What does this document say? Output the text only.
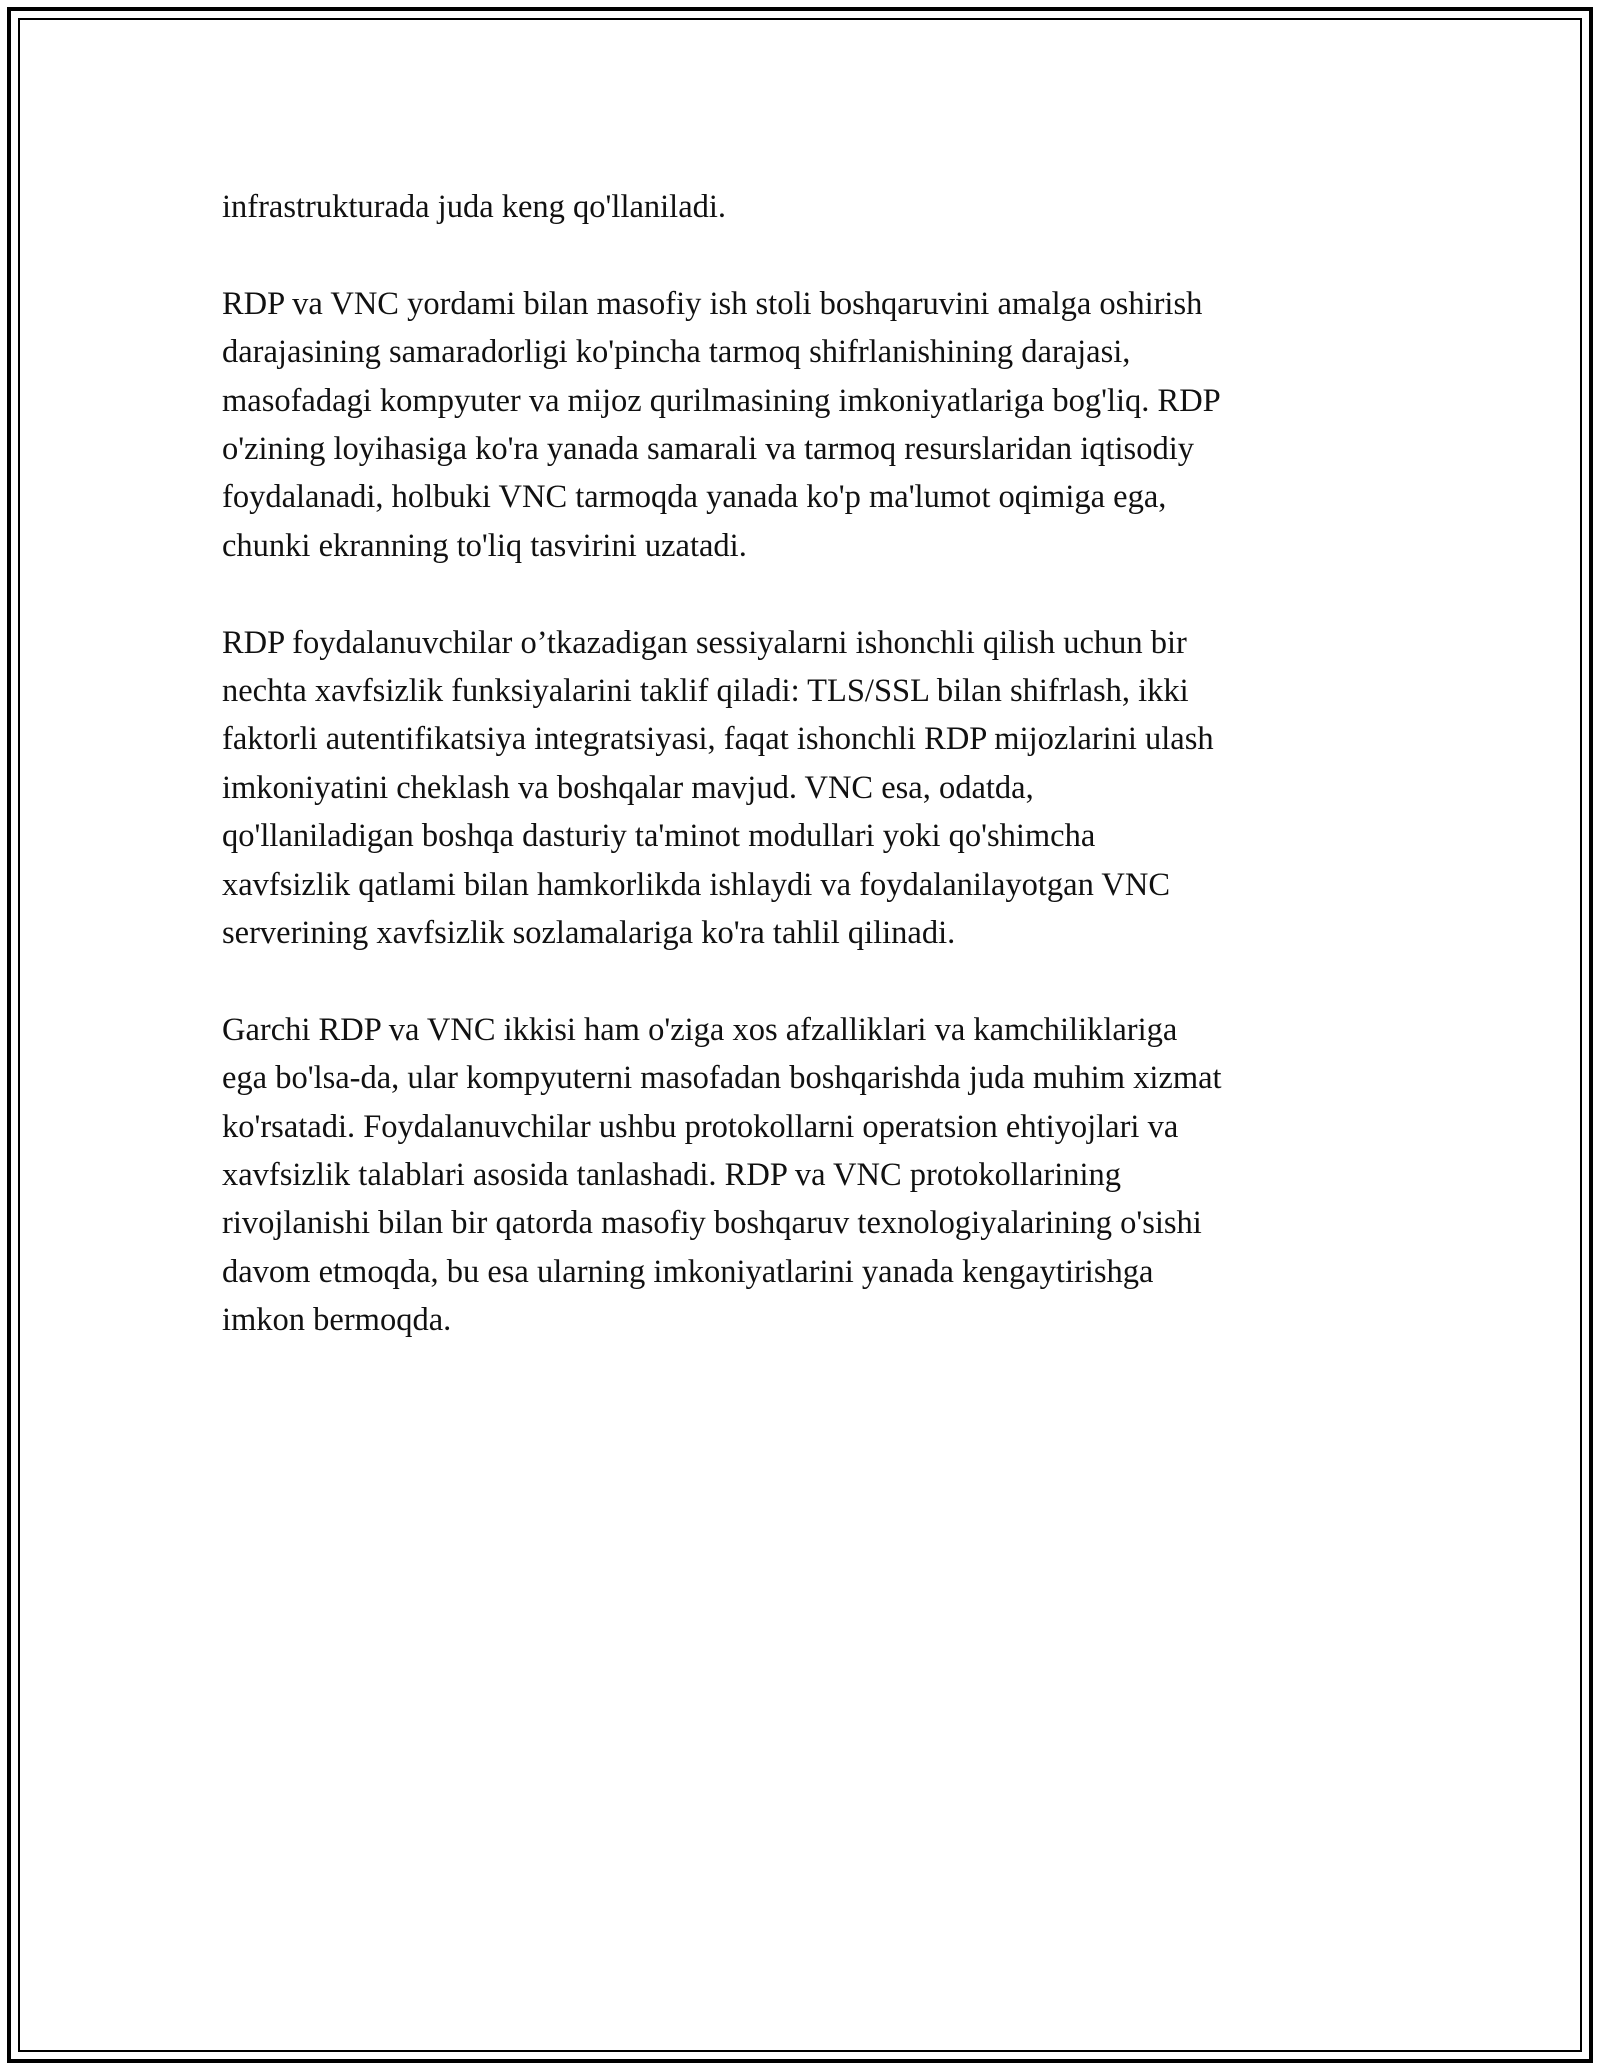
infrastrukturada juda keng qo'llaniladi.

RDP va VNC yordami bilan masofiy ish stoli boshqaruvini amalga oshirish
darajasining samaradorligi ko'pincha tarmoq shifrlanishining darajasi,
masofadagi kompyuter va mijoz qurilmasining imkoniyatlariga bog'liq. RDP
o'zining loyihasiga ko'ra yanada samarali va tarmoq resurslaridan iqtisodiy
foydalanadi, holbuki VNC tarmoqda yanada ko'p ma'lumot oqimiga ega,
chunki ekranning to'liq tasvirini uzatadi.

RDP foydalanuvchilar o’tkazadigan sessiyalarni ishonchli qilish uchun bir
nechta xavfsizlik funksiyalarini taklif qiladi: TLS/SSL bilan shifrlash, ikki
faktorli autentifikatsiya integratsiyasi, faqat ishonchli RDP mijozlarini ulash
imkoniyatini cheklash va boshqalar mavjud. VNC esa, odatda,
qo'llaniladigan boshqa dasturiy ta'minot modullari yoki qo'shimcha
xavfsizlik qatlami bilan hamkorlikda ishlaydi va foydalanilayotgan VNC
serverining xavfsizlik sozlamalariga ko'ra tahlil qilinadi.

Garchi RDP va VNC ikkisi ham o'ziga xos afzalliklari va kamchiliklariga
ega bo'lsa-da, ular kompyuterni masofadan boshqarishda juda muhim xizmat
ko'rsatadi. Foydalanuvchilar ushbu protokollarni operatsion ehtiyojlari va
xavfsizlik talablari asosida tanlashadi. RDP va VNC protokollarining
rivojlanishi bilan bir qatorda masofiy boshqaruv texnologiyalarining o'sishi
davom etmoqda, bu esa ularning imkoniyatlarini yanada kengaytirishga
imkon bermoqda.
